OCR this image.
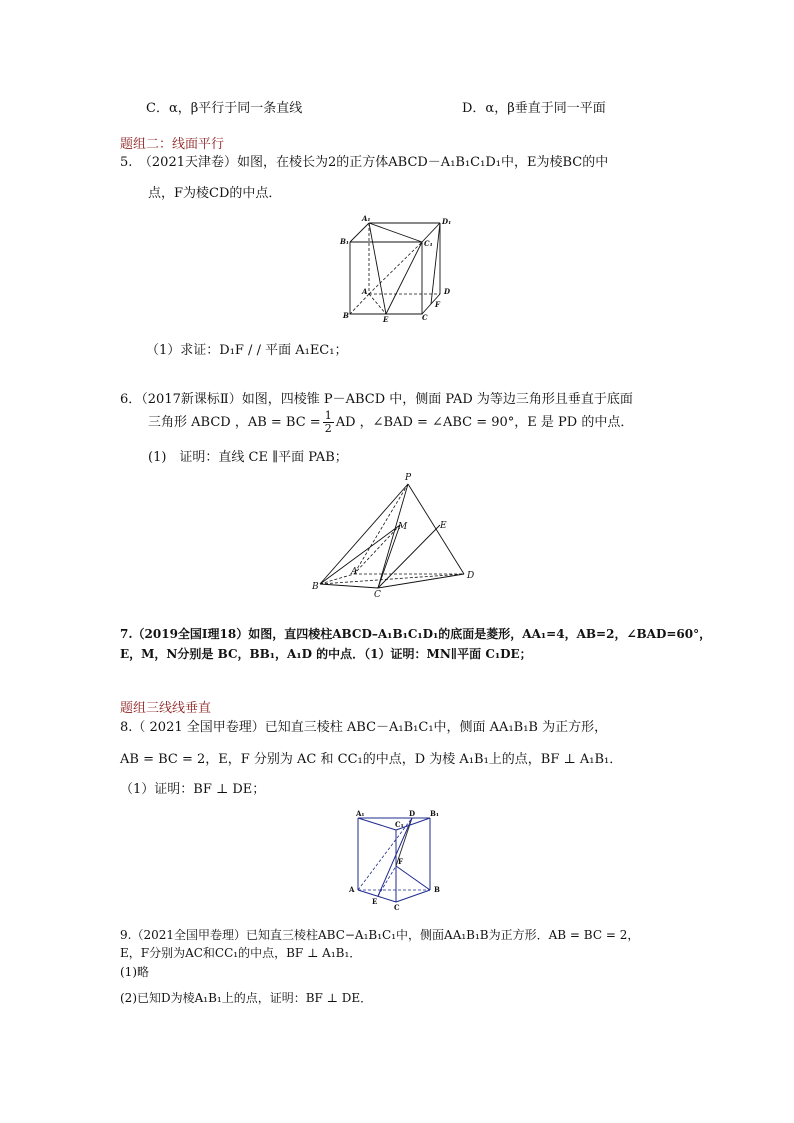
C．α，β平行于同一条直线	D．α，β垂直于同一平面
题组二：线面平行
5.　（2021天津卷）如图，在棱长为2的正方体ABCD－A₁B₁C₁D₁中，E为棱BC的中
点，F为棱CD的中点．
A₁	D₁
B₁	C₁
A	D
F
B	E	C
（1）求证：D₁F / / 平面 A₁EC₁；
6．（2017新课标Ⅱ）如图，四棱锥 P－ABCD 中，侧面 PAD 为等边三角形且垂直于底面
三角形 ABCD ，AB = BC = $\frac{1}{2}$ AD ，∠BAD = ∠ABC = 90°，E 是 PD 的中点．
(1)　证明：直线 CE ∥平面 PAB；
P
M	E
A	D
B
C
7.（2019全国Ⅰ理18）如图，直四棱柱ABCD–A₁B₁C₁D₁的底面是菱形，AA₁=4，AB=2，∠BAD=60°，
E，M，N分别是 BC，BB₁，A₁D 的中点．（1）证明：MN∥平面 C₁DE；
题组三线线垂直
8.（ 2021 全国甲卷理）已知直三棱柱 ABC－A₁B₁C₁中，侧面 AA₁B₁B 为正方形，
AB = BC = 2，E，F 分别为 AC 和 CC₁的中点，D 为棱 A₁B₁上的点，BF ⊥ A₁B₁．
（1）证明：BF ⊥ DE；
A₁	D
C₁
B₁
F
A
E
B
C
9.（2021全国甲卷理）已知直三棱柱ABC−A₁B₁C₁中，侧面AA₁B₁B为正方形．AB = BC = 2，
E，F分别为AC和CC₁的中点，BF ⊥ A₁B₁．
(1)略
(2)已知D为棱A₁B₁上的点，证明：BF ⊥ DE．
